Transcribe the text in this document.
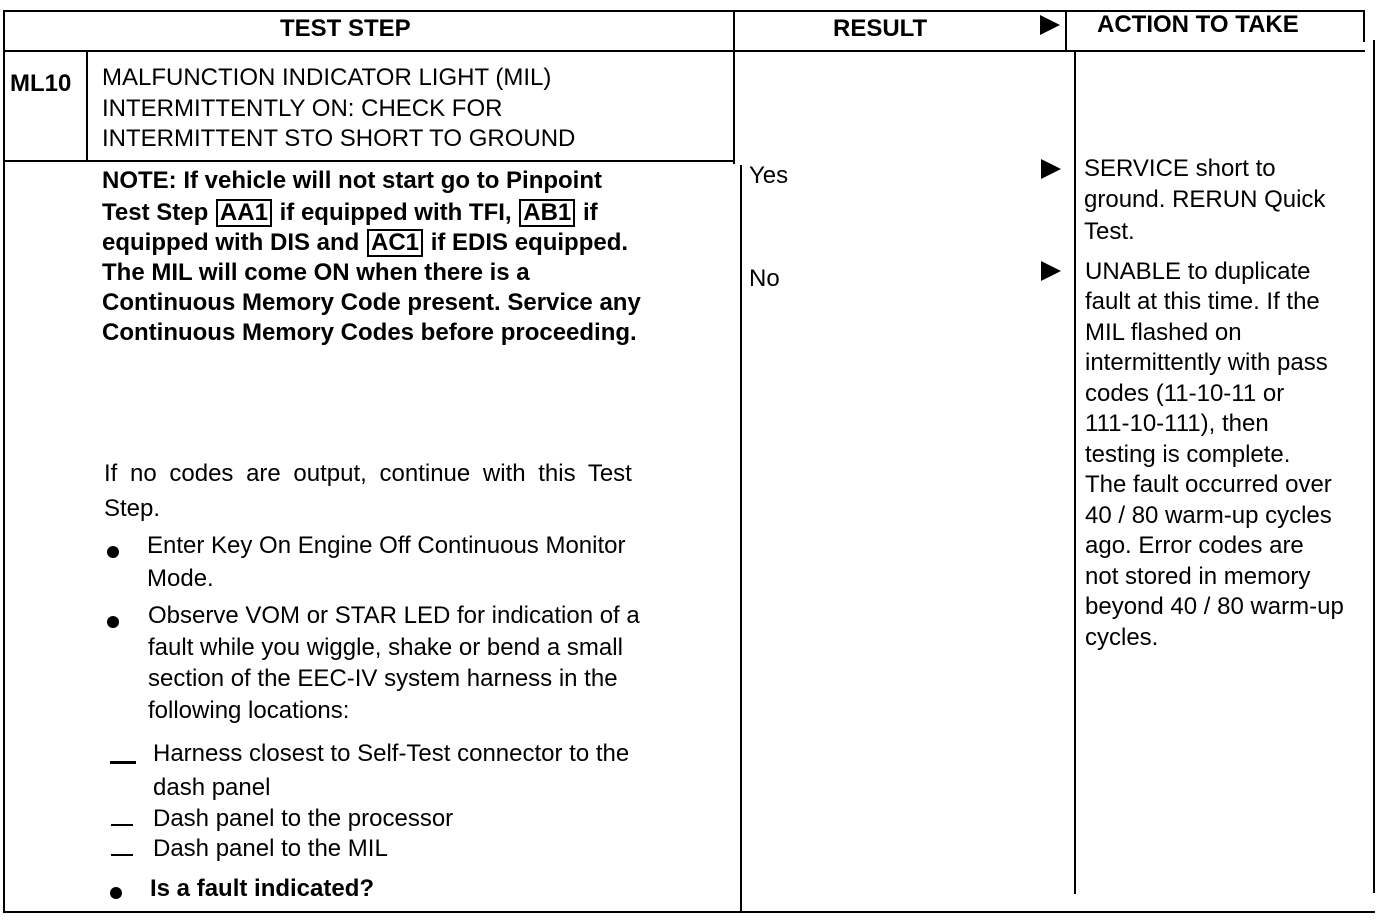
TEST STEP	RESULT	ACTION TO TAKE
ML10 MALFUNCTION INDICATOR LIGHT (MIL)
INTERMITTENTLY ON: CHECK FOR
INTERMITTENT STO SHORT TO GROUND
NOTE: If vehicle will not start go to Pinpoint
Test Step AA1 if equipped with TFI, AB1 if
equipped with DIS and AC1 if EDIS equipped.
The MIL will come ON when there is a
Continuous Memory Code present. Service any
Continuous Memory Codes before proceeding.
If no codes are output, continue with this Test
Step.
Enter Key On Engine Off Continuous Monitor
Mode.
Observe VOM or STAR LED for indication of a
fault while you wiggle, shake or bend a small
section of the EEC-IV system harness in the
following locations:
Harness closest to Self-Test connector to the
dash panel
Dash panel to the processor
Dash panel to the MIL
Is a fault indicated?
Yes
No
SERVICE short to
ground. RERUN Quick
Test.
UNABLE to duplicate
fault at this time. If the
MIL flashed on
intermittently with pass
codes (11-10-11 or
111-10-111), then
testing is complete.
The fault occurred over
40 / 80 warm-up cycles
ago. Error codes are
not stored in memory
beyond 40 / 80 warm-up
cycles.
